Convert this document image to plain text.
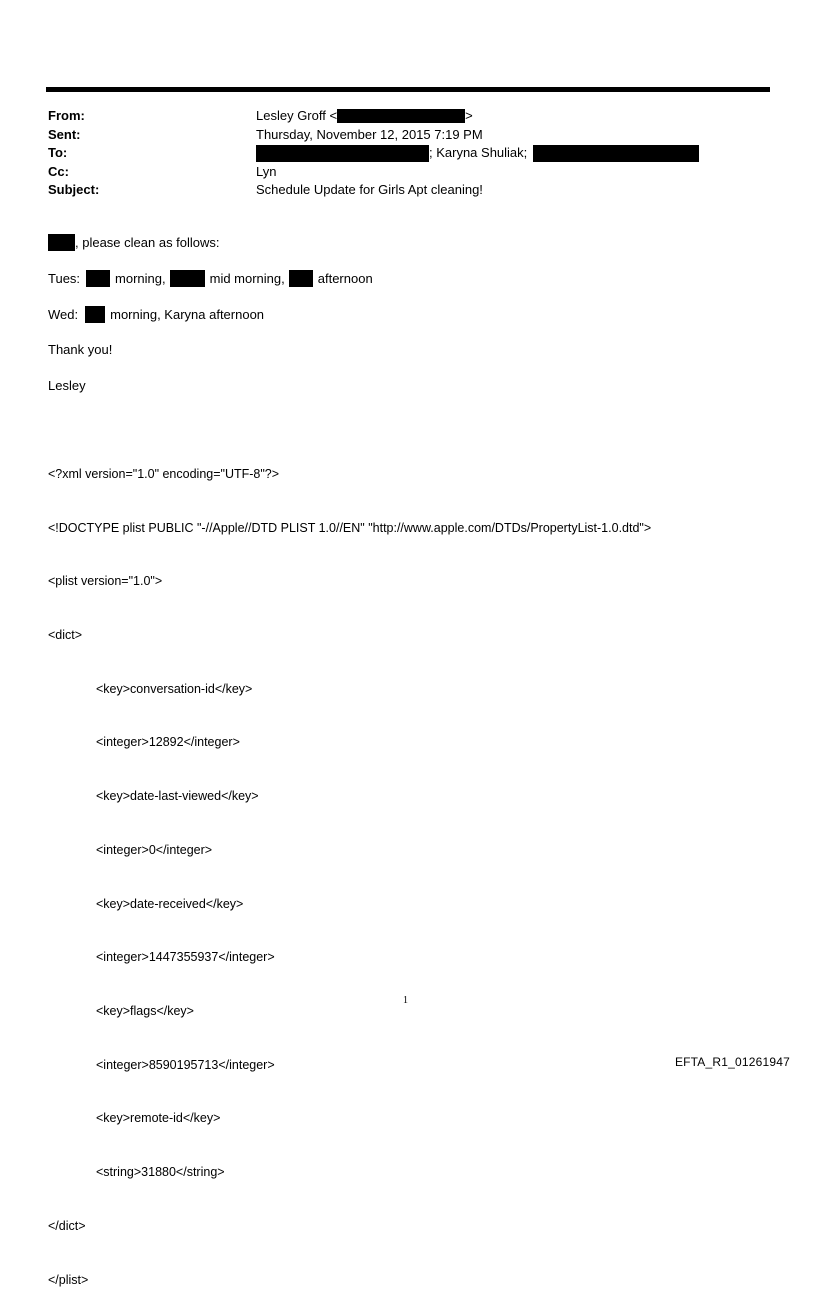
From:	Lesley Groff <	>
Sent:	Thursday, November 12, 2015 7:19 PM
To:	; Karyna Shuliak;
Cc:	Lyn
Subject:	Schedule Update for Girls Apt cleaning!
, please clean as follows:
Tues:	morning,	mid morning,	afternoon
Wed: morning, Karyna afternoon
Thank you!
Lesley

<?xml version="1.0" encoding="UTF-8"?>

<!DOCTYPE plist PUBLIC "-//Apple//DTD PLIST 1.0//EN" "http://www.apple.com/DTDs/PropertyList-1.0.dtd">

<plist version="1.0">

<dict>

<key>conversation-id</key>

<integer>12892</integer>

<key>date-last-viewed</key>

<integer>0</integer>

<key>date-received</key>

<integer>1447355937</integer>

<key>flags</key>

<integer>8590195713</integer>

<key>remote-id</key>

<string>31880</string>

</dict>

</plist>

1
EFTA_R1_01261947
